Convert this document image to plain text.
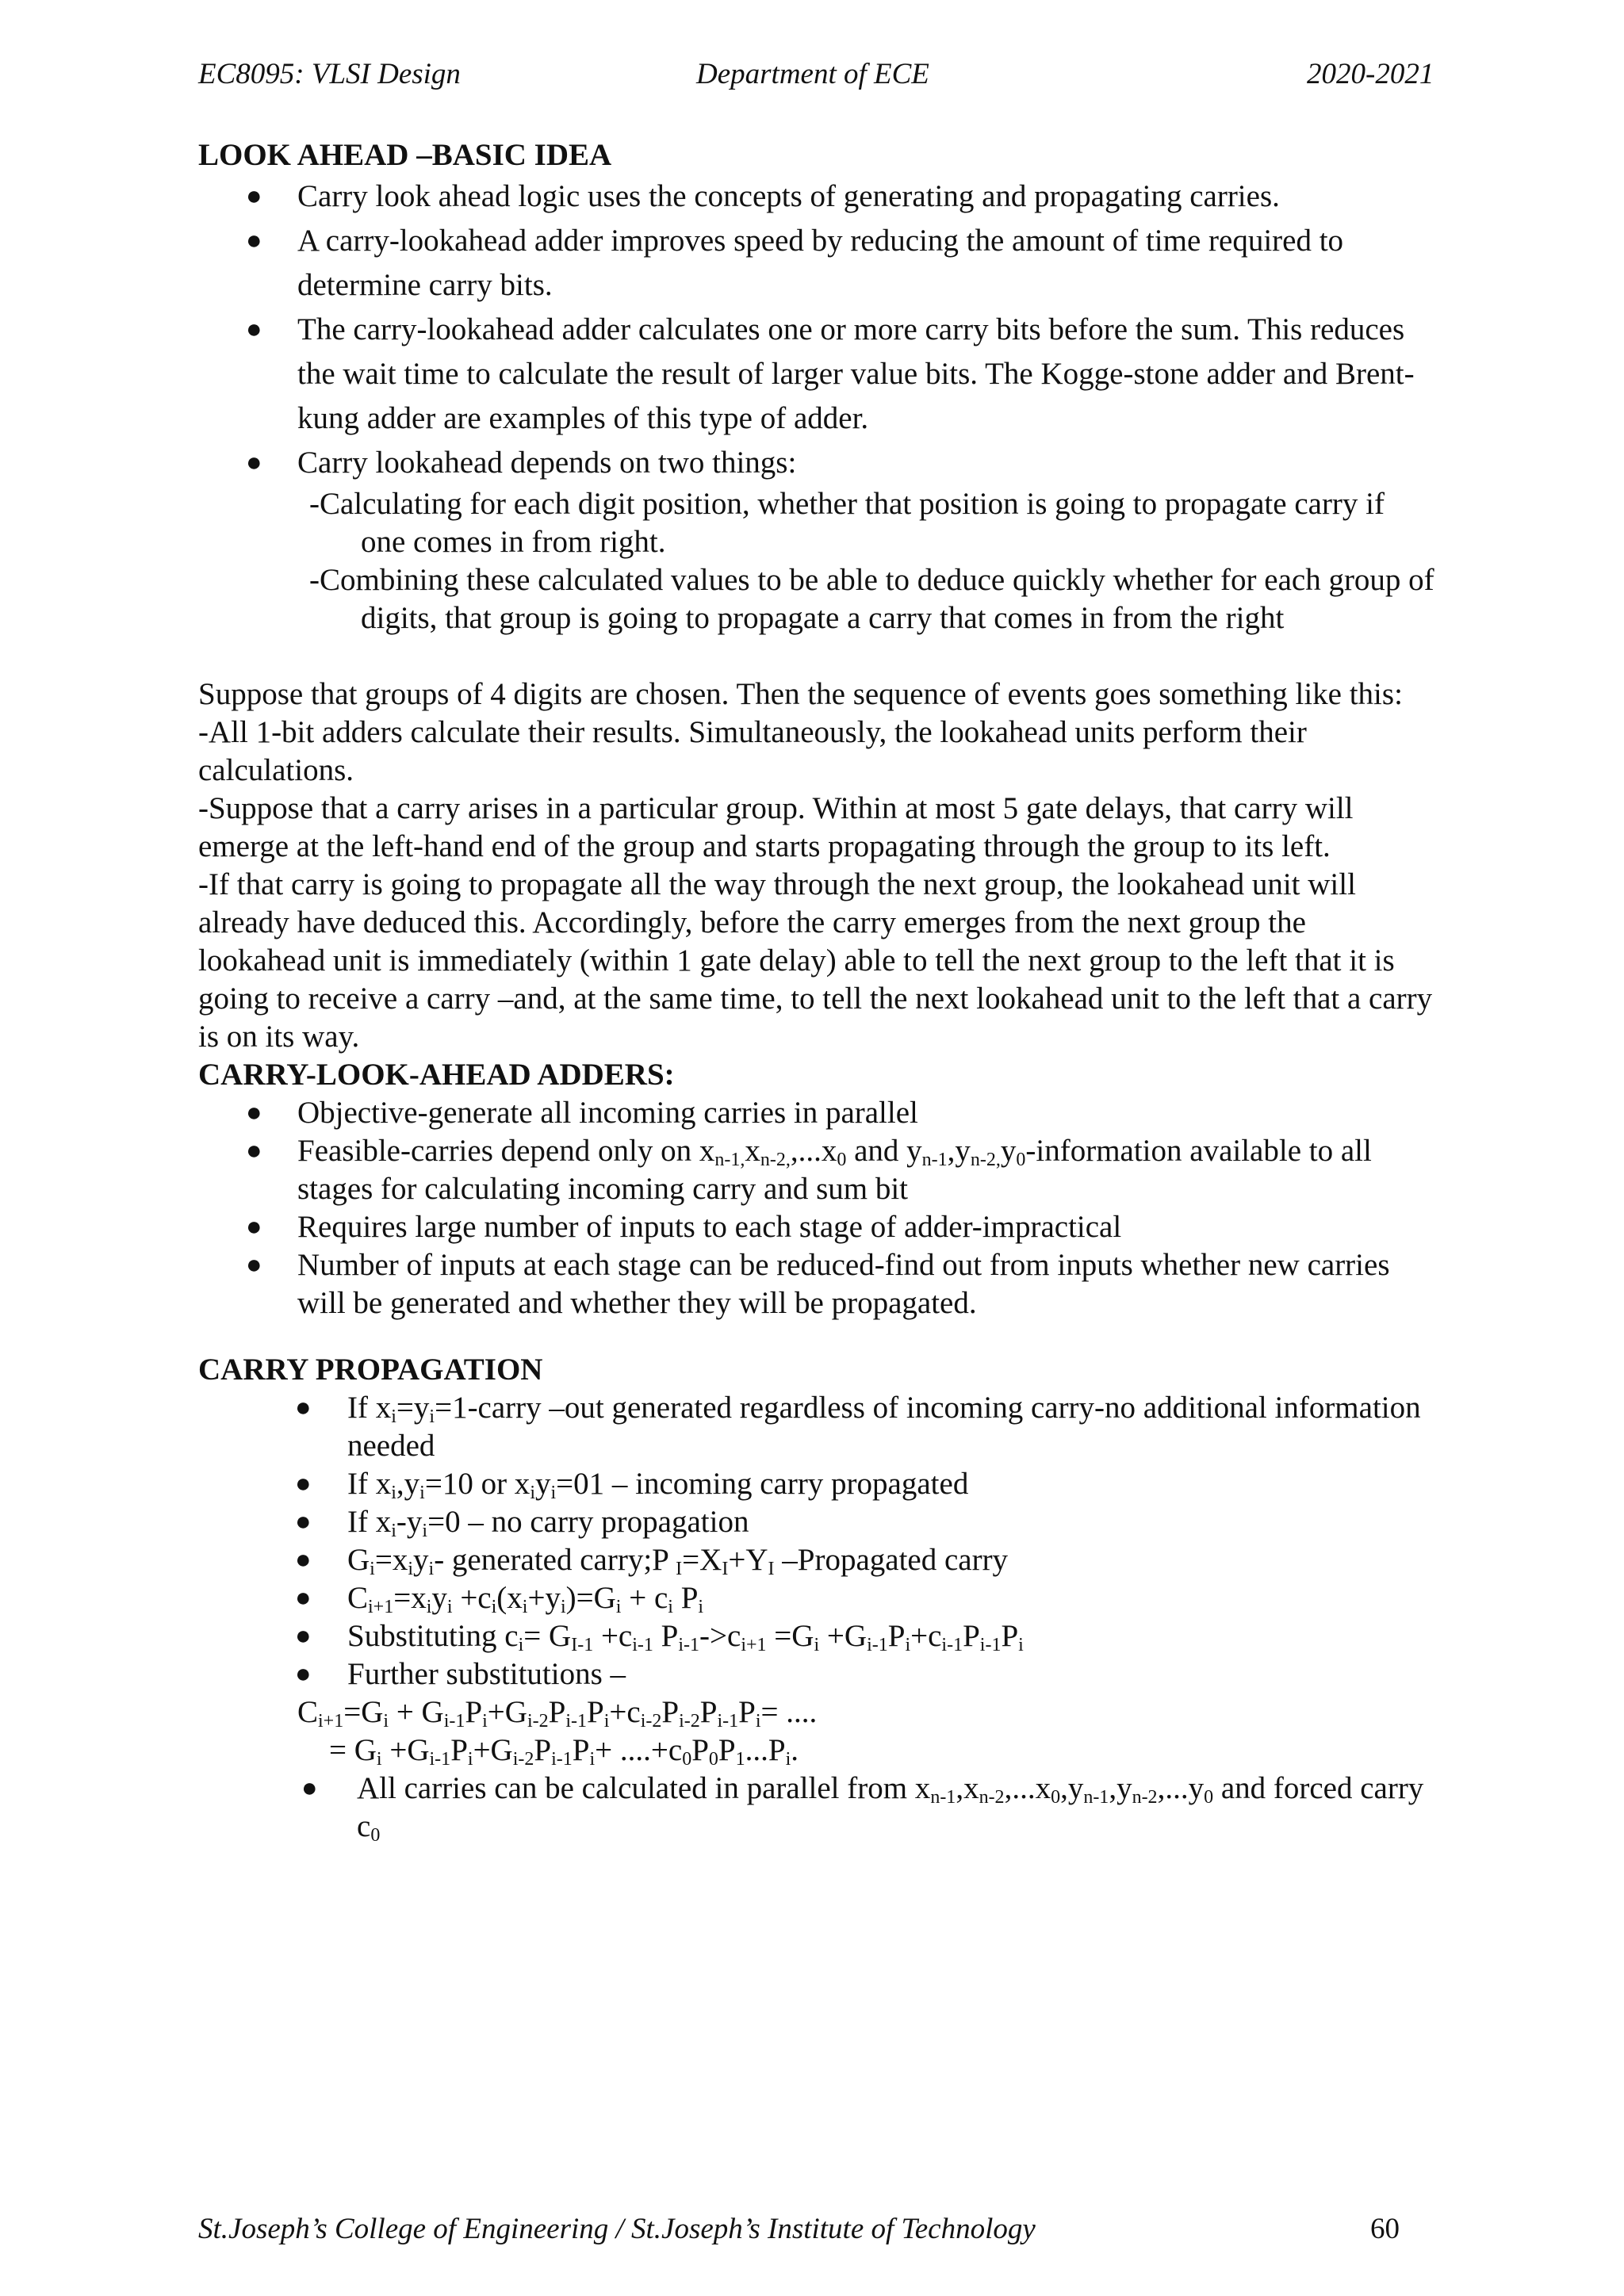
EC8095: VLSI Design	Department of ECE	2020-2021
LOOK AHEAD –BASIC IDEA
● Carry look ahead logic uses the concepts of generating and propagating carries.
● A carry-lookahead adder improves speed by reducing the amount of time required to determine carry bits.
● The carry-lookahead adder calculates one or more carry bits before the sum. This reduces the wait time to calculate the result of larger value bits. The Kogge-stone adder and Brent-kung adder are examples of this type of adder.
● Carry lookahead depends on two things:
-Calculating for each digit position, whether that position is going to propagate carry if one comes in from right.
-Combining these calculated values to be able to deduce quickly whether for each group of digits, that group is going to propagate a carry that comes in from the right

Suppose that groups of 4 digits are chosen. Then the sequence of events goes something like this:

-All 1-bit adders calculate their results. Simultaneously, the lookahead units perform their calculations.

-Suppose that a carry arises in a particular group. Within at most 5 gate delays, that carry will emerge at the left-hand end of the group and starts propagating through the group to its left.

-If that carry is going to propagate all the way through the next group, the lookahead unit will already have deduced this. Accordingly, before the carry emerges from the next group the lookahead unit is immediately (within 1 gate delay) able to tell the next group to the left that it is going to receive a carry –and, at the same time, to tell the next lookahead unit to the left that a carry is on its way.

CARRY-LOOK-AHEAD ADDERS:
● Objective-generate all incoming carries in parallel
● Feasible-carries depend only on $x_{n-1,}x_{n-2,},...x_0$ and $y_{n-1},y_{n-2,}y_0$-information available to all stages for calculating incoming carry and sum bit
● Requires large number of inputs to each stage of adder-impractical
● Number of inputs at each stage can be reduced-find out from inputs whether new carries will be generated and whether they will be propagated.
CARRY PROPAGATION
● If $x_i=y_i=1$-carry –out generated regardless of incoming carry-no additional information needed
● If $x_i,y_i=10$ or $x_iy_i=01$ – incoming carry propagated
● If $x_i-y_i=0$ – no carry propagation
● $G_i=x_iy_i-$ generated carry;P $_I=X_I+Y_I$ –Propagated carry
● $C_{i+1}=x_iy_i +c_i(x_i+y_i)=G_i + c_i$ $P_i$
● Substituting $c_i= G_{I-1} +c_{i-1}$ $P_{i-1}->c_{i+1} =G_i +G_{i-1}P_i+c_{i-1}P_{i-1}P_i$
● Further substitutions –
$C_{i+1}=G_i + G_{i-1}P_i+G_{i-2}P_{i-1}P_i+c_{i-2}P_{i-2}P_{i-1}P_i=$ ....
= $G_i +G_{i-1}P_i+G_{i-2}P_{i-1}P_i+ ....+c_0P_0P_1...P_i$.
● All carries can be calculated in parallel from $x_{n-1},x_{n-2},...x_0,y_{n-1},y_{n-2},...y_0$ and forced carry $c_0$
St.Joseph’s College of Engineering / St.Joseph’s Institute of Technology	60
